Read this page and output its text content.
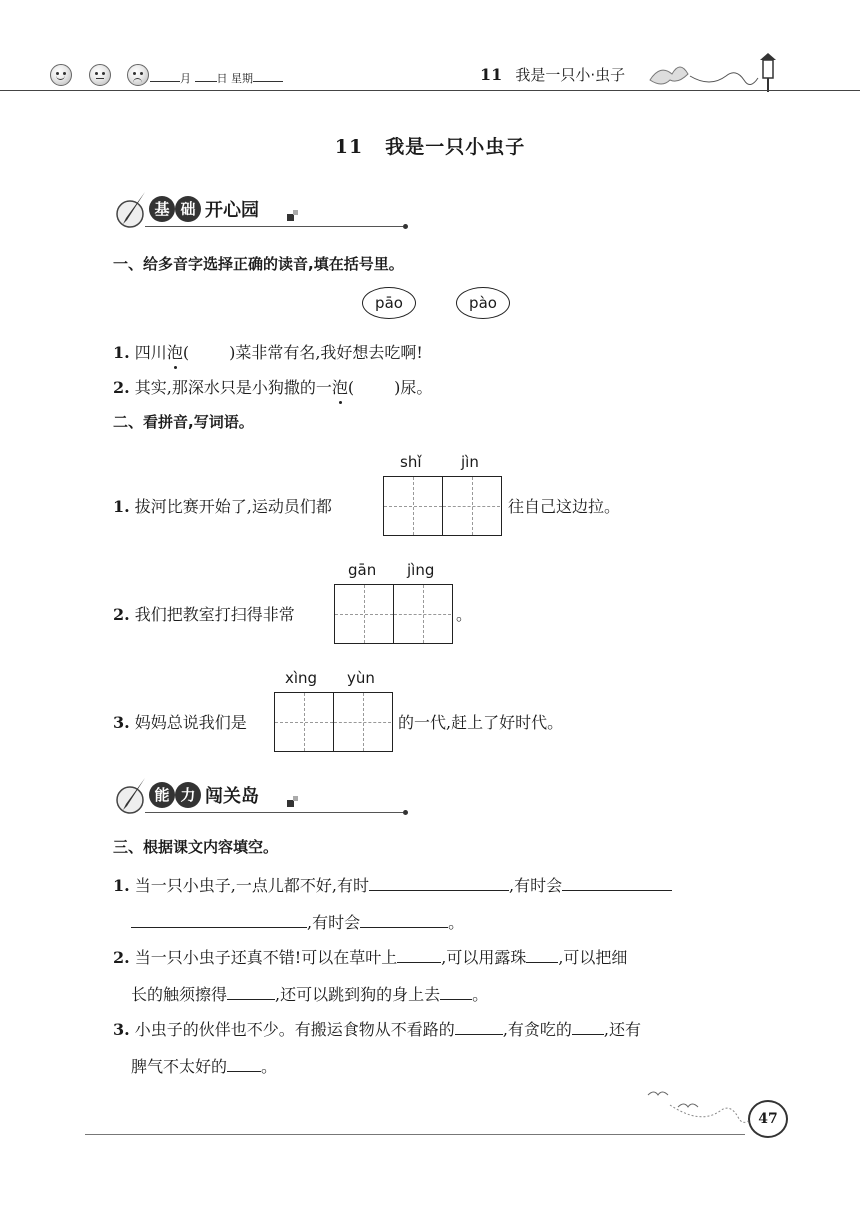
月 日 星期	11 我是一只小·虫子
11 我是一只小虫子
基 础 开心园
一、给多音字选择正确的读音,填在括号里。
pāo	pào
1. 四川泡(	)菜非常有名,我好想去吃啊!
2. 其实,那深水只是小狗撒的一泡(	)尿。
二、看拼音,写词语。
shǐ	jìn
1. 拔河比赛开始了,运动员们都	往自己这边拉。
gān jìng
2. 我们把教室打扫得非常	。
xìng yùn
3. 妈妈总说我们是	的一代,赶上了好时代。
能 力 闯关岛
三、根据课文内容填空。
1. 当一只小虫子,一点儿都不好,有时	,有时会
,有时会	。
2. 当一只小虫子还真不错!可以在草叶上	,可以用露珠 ,可以把细
长的触须擦得	,还可以跳到狗的身上去 。
3. 小虫子的伙伴也不少。有搬运食物从不看路的	,有贪吃的 ,还有
脾气不太好的 。
47
